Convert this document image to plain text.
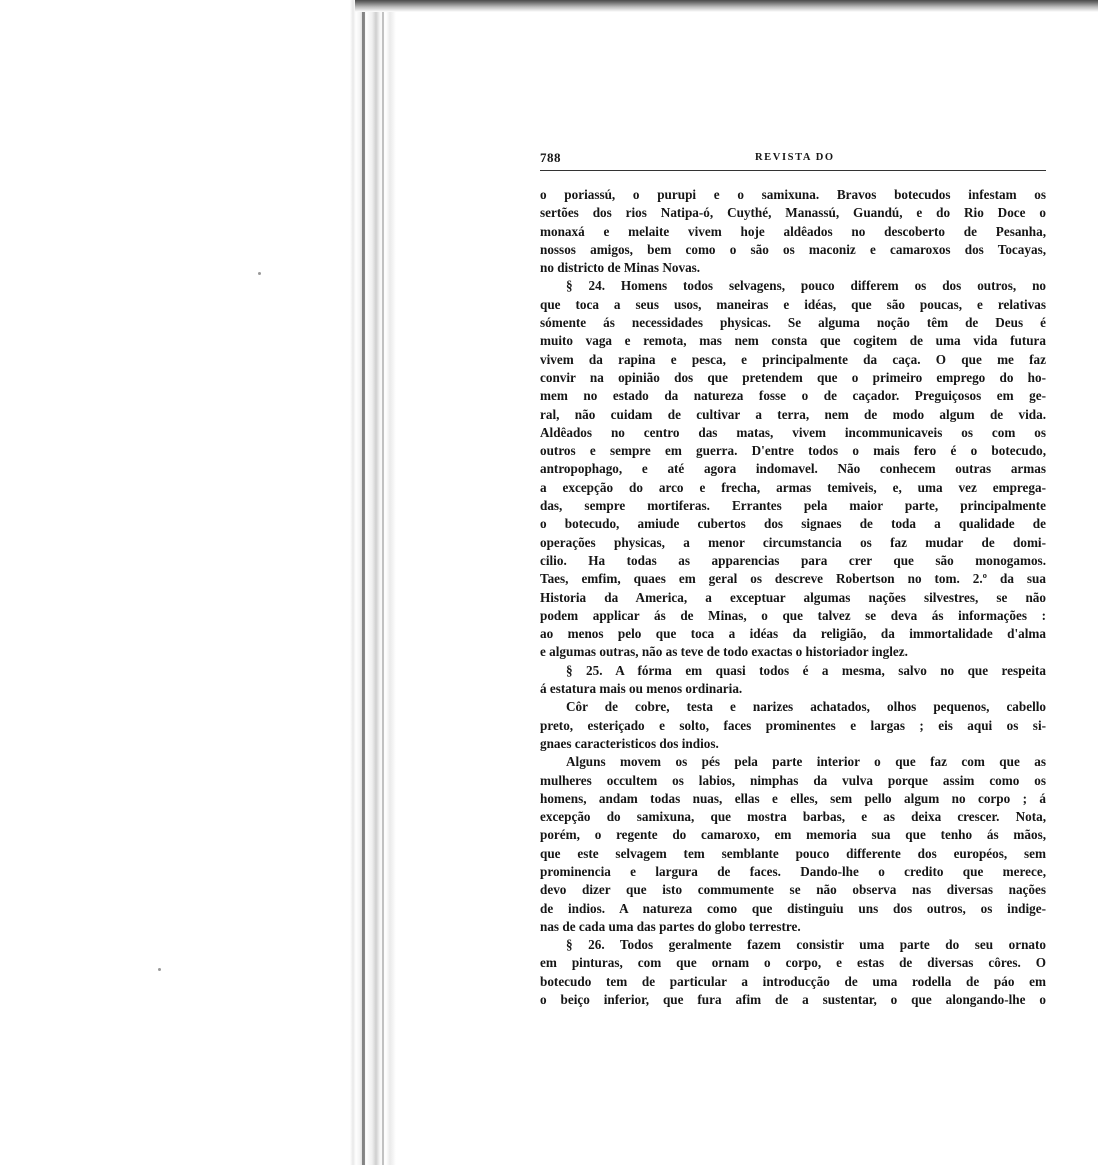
788	REVISTA DO
o poriassú, o purupi e o samixuna. Bravos botecudos infestam os
sertões dos rios Natipa-ó, Cuythé, Manassú, Guandú, e do Rio Doce o
monaxá e melaite vivem hoje aldêados no descoberto de Pesanha,
nossos amigos, bem como o são os maconiz e camaroxos dos Tocayas,
no districto de Minas Novas.
§ 24. Homens todos selvagens, pouco differem os dos outros, no
que toca a seus usos, maneiras e idéas, que são poucas, e relativas
sómente ás necessidades physicas. Se alguma noção têm de Deus é
muito vaga e remota, mas nem consta que cogitem de uma vida futura
vivem da rapina e pesca, e principalmente da caça. O que me faz
convir na opinião dos que pretendem que o primeiro emprego do ho-
mem no estado da natureza fosse o de caçador. Preguiçosos em ge-
ral, não cuidam de cultivar a terra, nem de modo algum de vida.
Aldêados no centro das matas, vivem incommunicaveis os com os
outros e sempre em guerra. D'entre todos o mais fero é o botecudo,
antropophago, e até agora indomavel. Não conhecem outras armas
a excepção do arco e frecha, armas temiveis, e, uma vez emprega-
das, sempre mortiferas. Errantes pela maior parte, principalmente
o botecudo, amiude cubertos dos signaes de toda a qualidade de
operações physicas, a menor circumstancia os faz mudar de domi-
cilio. Ha todas as apparencias para crer que são monogamos.
Taes, emfim, quaes em geral os descreve Robertson no tom. 2.º da sua
Historia da America, a exceptuar algumas nações silvestres, se não
podem applicar ás de Minas, o que talvez se deva ás informações :
ao menos pelo que toca a idéas da religião, da immortalidade d'alma
e algumas outras, não as teve de todo exactas o historiador inglez.
§ 25. A fórma em quasi todos é a mesma, salvo no que respeita
á estatura mais ou menos ordinaria.
Côr de cobre, testa e narizes achatados, olhos pequenos, cabello
preto, esteriçado e solto, faces prominentes e largas ; eis aqui os si-
gnaes caracteristicos dos indios.
Alguns movem os pés pela parte interior o que faz com que as
mulheres occultem os labios, nimphas da vulva porque assim como os
homens, andam todas nuas, ellas e elles, sem pello algum no corpo ; á
excepção do samixuna, que mostra barbas, e as deixa crescer. Nota,
porém, o regente do camaroxo, em memoria sua que tenho ás mãos,
que este selvagem tem semblante pouco differente dos européos, sem
prominencia e largura de faces. Dando-lhe o credito que merece,
devo dizer que isto commumente se não observa nas diversas nações
de indios. A natureza como que distinguiu uns dos outros, os indige-
nas de cada uma das partes do globo terrestre.
§ 26. Todos geralmente fazem consistir uma parte do seu ornato
em pinturas, com que ornam o corpo, e estas de diversas côres. O
botecudo tem de particular a introducção de uma rodella de páo em
o beiço inferior, que fura afim de a sustentar, o que alongando-lhe o
